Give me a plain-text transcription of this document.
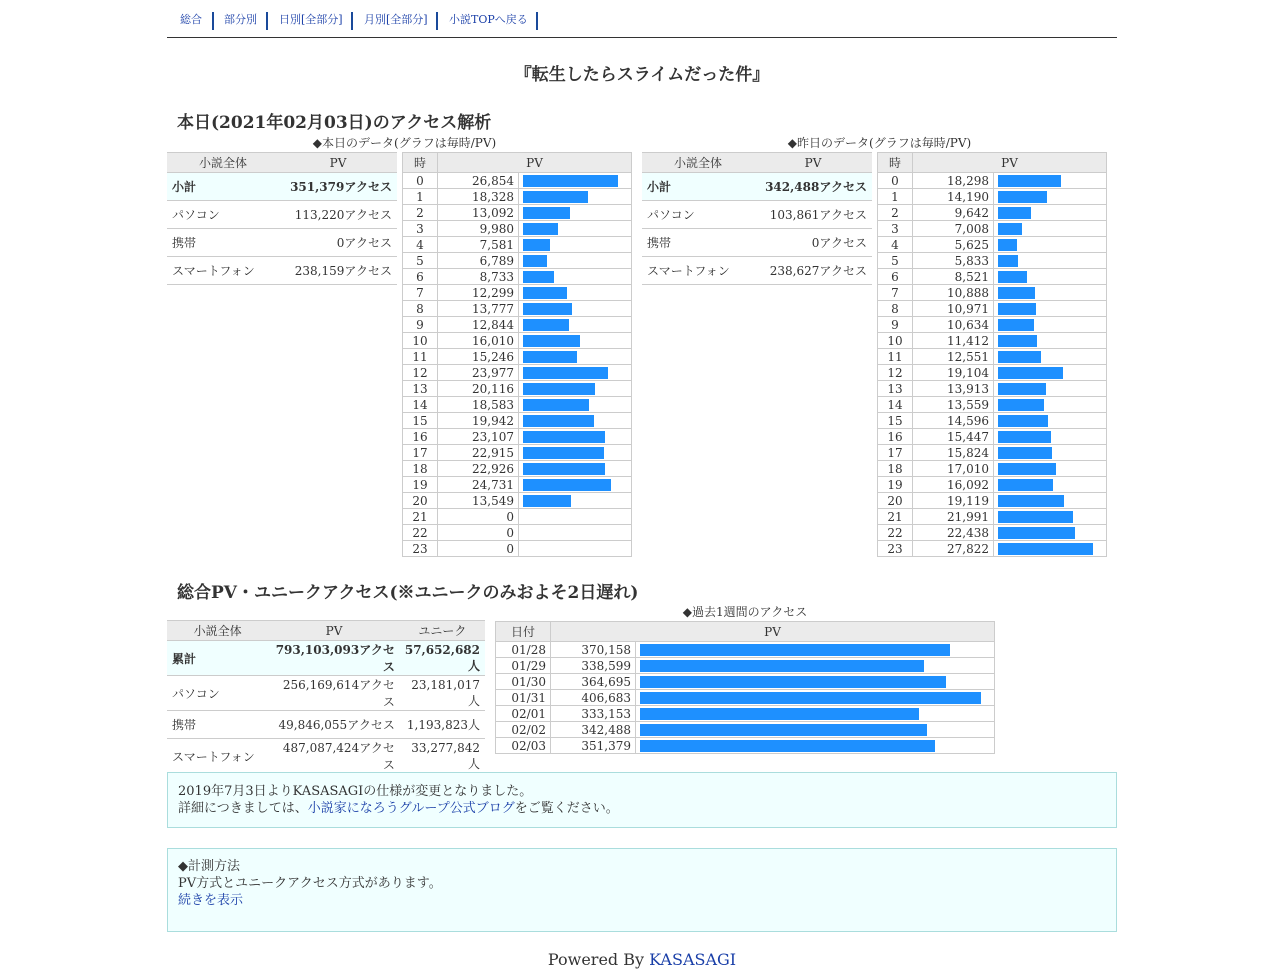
総合 部分別 日別[全部分] 月別[全部分] 小説TOPへ戻る
『転生したらスライムだった件』
本日(2021年02月03日)のアクセス解析
◆本日のデータ(グラフは毎時/PV)	◆昨日のデータ(グラフは毎時/PV)
小説全体	PV
小計	351,379アクセス
パソコン	113,220アクセス
携帯	0アクセス
スマートフォン	238,159アクセス
時	PV	
0	26,854	

1	18,328	

2	13,092	

3	9,980	

4	7,581	

5	6,789	

6	8,733	

7	12,299	

8	13,777	

9	12,844	

10	16,010	

11	15,246	

12	23,977	

13	20,116	

14	18,583	

15	19,942	

16	23,107	

17	22,915	

18	22,926	

19	24,731	

20	13,549	

21	0	
22	0	
23	0	
小説全体	PV
小計	342,488アクセス
パソコン	103,861アクセス
携帯	0アクセス
スマートフォン	238,627アクセス
時	PV	
0	18,298	

1	14,190	

2	9,642	

3	7,008	

4	5,625	

5	5,833	

6	8,521	

7	10,888	

8	10,971	

9	10,634	

10	11,412	

11	12,551	

12	19,104	

13	13,913	

14	13,559	

15	14,596	

16	15,447	

17	15,824	

18	17,010	

19	16,092	

20	19,119	

21	21,991	

22	22,438	

23	27,822	
総合PV・ユニークアクセス(※ユニークのみおよそ2日遅れ)
◆過去1週間のアクセス
小説全体	PV	ユニーク
累計	793,103,093アクセス	57,652,682人
パソコン	256,169,614アクセス	23,181,017人
携帯	49,846,055アクセス	1,193,823人
スマートフォン	487,087,424アクセス	33,277,842人
日付	PV	
01/28	370,158	

01/29	338,599	

01/30	364,695	

01/31	406,683	

02/01	333,153	

02/02	342,488	

02/03	351,379	
2019年7月3日よりKASASAGIの仕様が変更となりました。
詳細につきましては、小説家になろうグループ公式ブログをご覧ください。
◆計測方法
PV方式とユニークアクセス方式があります。
続きを表示
Powered By KASASAGI
